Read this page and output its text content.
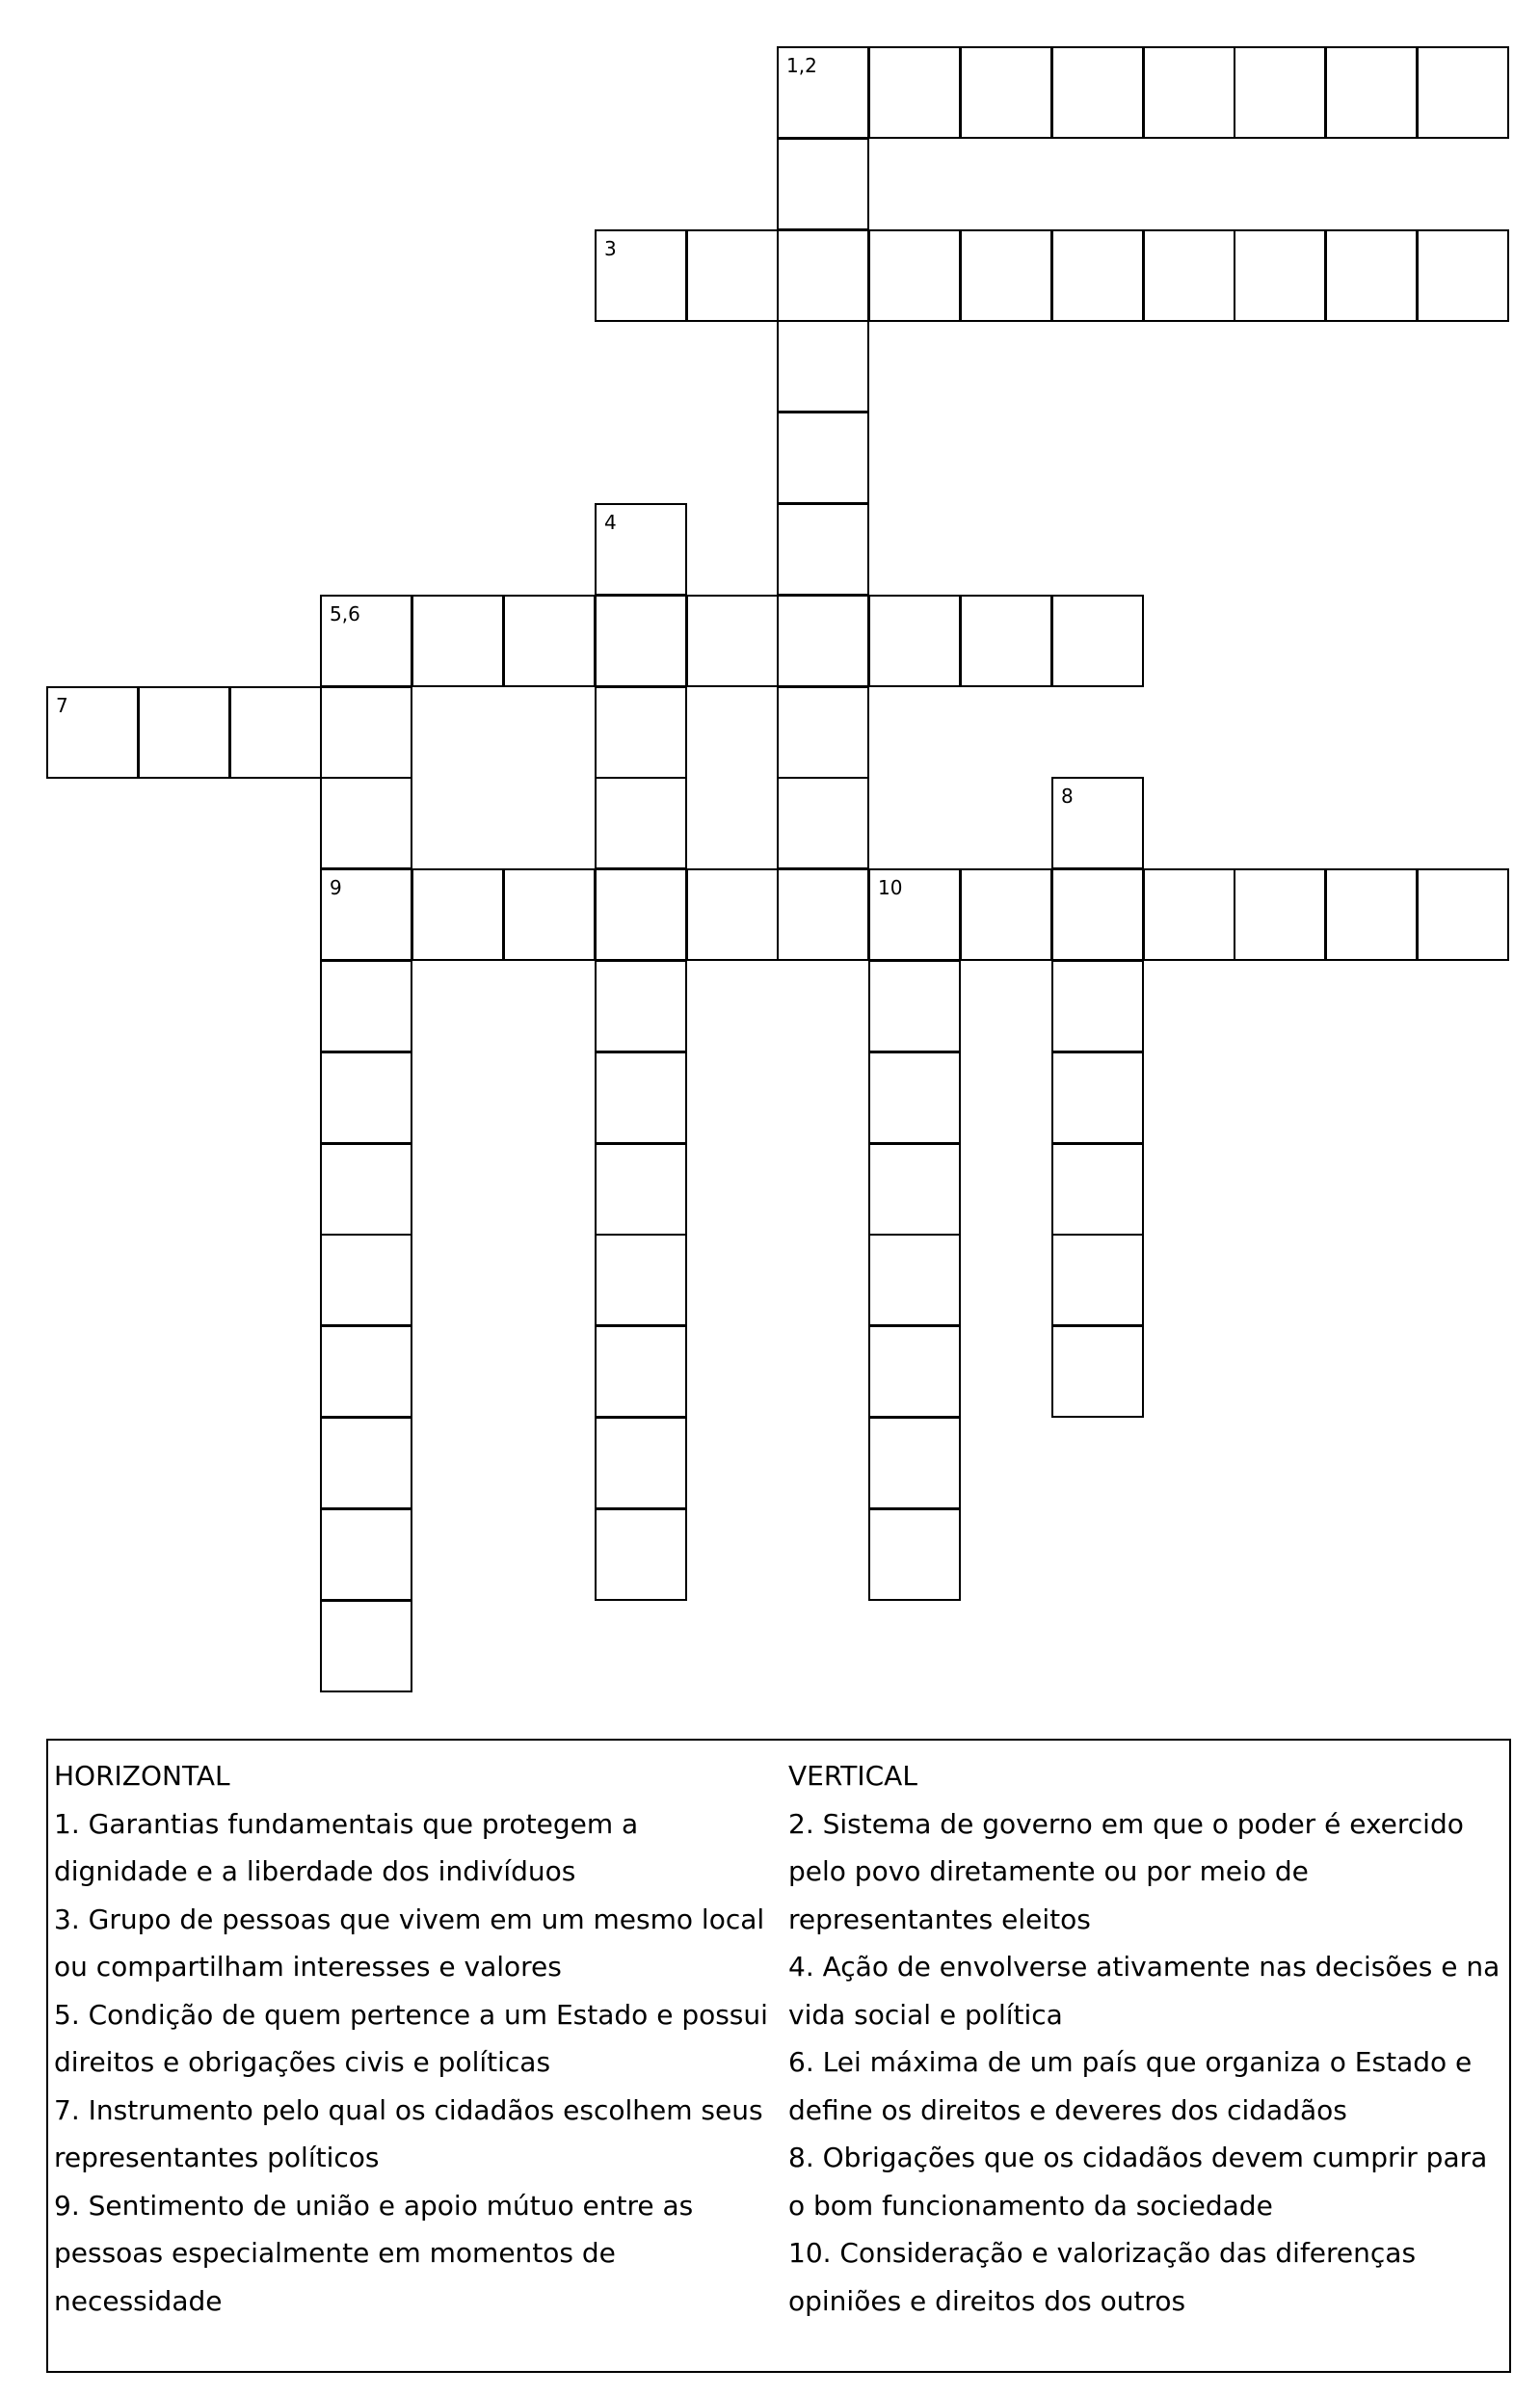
1,2
3
4
5,6
9
7
8
10
HORIZONTAL
1. Garantias fundamentais que protegem a dignidade e a liberdade dos indivíduos
3. Grupo de pessoas que vivem em um mesmo local ou compartilham interesses e valores
5. Condição de quem pertence a um Estado e possui direitos e obrigações civis e políticas
7. Instrumento pelo qual os cidadãos escolhem seus representantes políticos
9. Sentimento de união e apoio mútuo entre as pessoas especialmente em momentos de necessidade
VERTICAL
2. Sistema de governo em que o poder é exercido pelo povo diretamente ou por meio de representantes eleitos
4. Ação de envolverse ativamente nas decisões e na vida social e política
6. Lei máxima de um país que organiza o Estado e define os direitos e deveres dos cidadãos
8. Obrigações que os cidadãos devem cumprir para o bom funcionamento da sociedade
10. Consideração e valorização das diferenças opiniões e direitos dos outros
